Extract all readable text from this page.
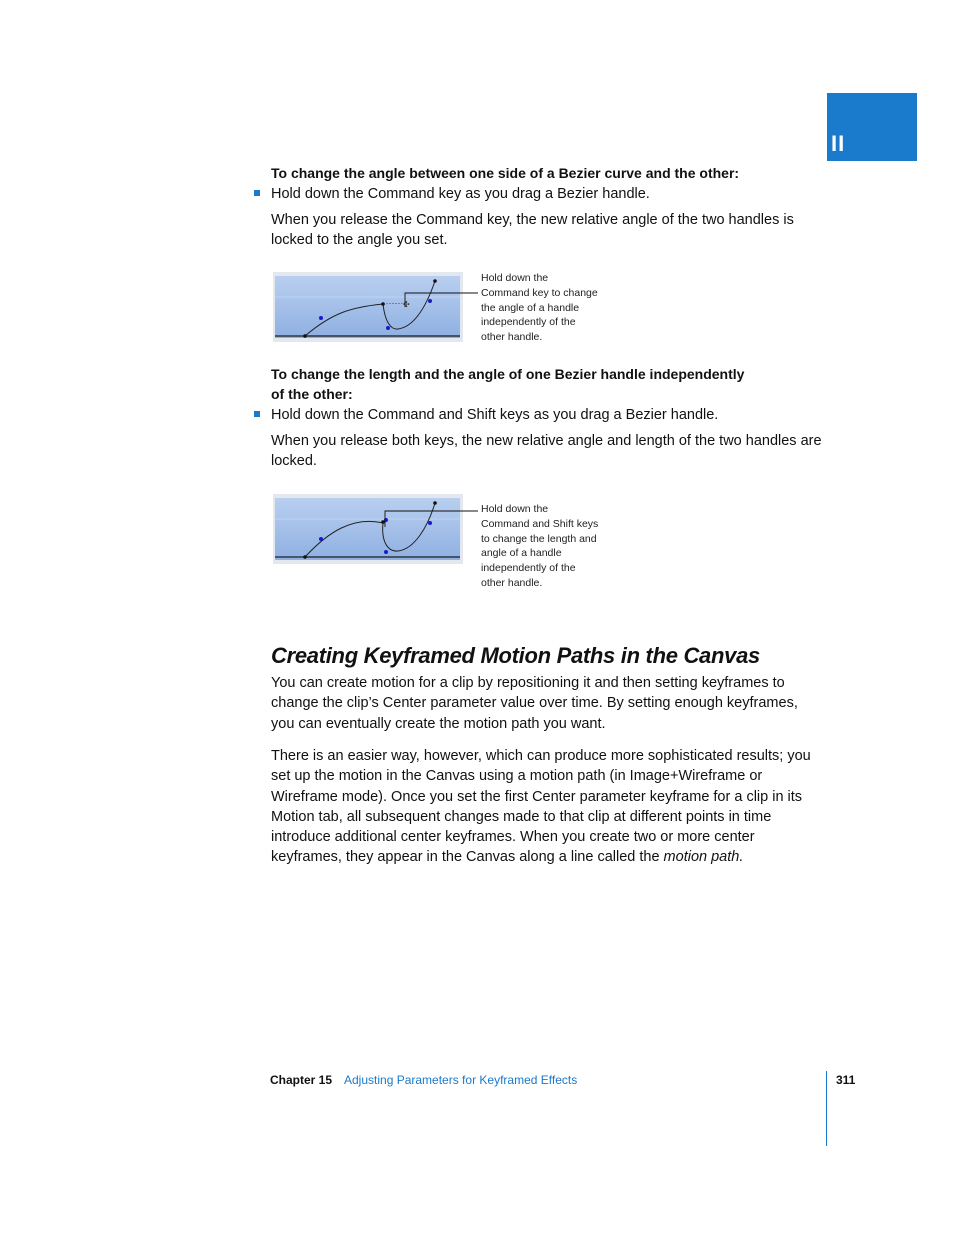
II
To change the angle between one side of a Bezier curve and the other:
Hold down the Command key as you drag a Bezier handle.
When you release the Command key, the new relative angle of the two handles is locked to the angle you set.
✣
Hold down the
Command key to change
the angle of a handle
independently of the
other handle.
To change the length and the angle of one Bezier handle independently
of the other:
Hold down the Command and Shift keys as you drag a Bezier handle.
When you release both keys, the new relative angle and length of the two handles are locked.
Hold down the
Command and Shift keys
to change the length and
angle of a handle
independently of the
other handle.
Creating Keyframed Motion Paths in the Canvas
You can create motion for a clip by repositioning it and then setting keyframes to change the clip’s Center parameter value over time. By setting enough keyframes, you can eventually create the motion path you want.
There is an easier way, however, which can produce more sophisticated results; you set up the motion in the Canvas using a motion path (in Image+Wireframe or Wireframe mode). Once you set the first Center parameter keyframe for a clip in its Motion tab, all subsequent changes made to that clip at different points in time introduce additional center keyframes. When you create two or more center keyframes, they appear in the Canvas along a line called the motion path.
Chapter 15 Adjusting Parameters for Keyframed Effects	311
